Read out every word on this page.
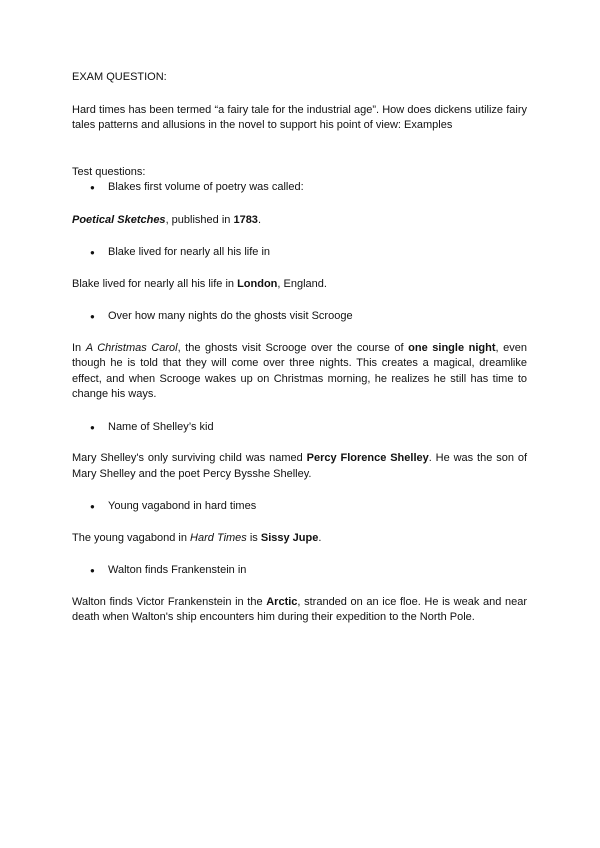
EXAM QUESTION:

Hard times has been termed “a fairy tale for the industrial age”. How does dickens utilize fairy tales patterns and allusions in the novel to support his point of view: Examples

Test questions:

● Blakes first volume of poetry was called:

Poetical Sketches, published in 1783.

● Blake lived for nearly all his life in

Blake lived for nearly all his life in London, England.

● Over how many nights do the ghosts visit Scrooge

In A Christmas Carol, the ghosts visit Scrooge over the course of one single night, even though he is told that they will come over three nights. This creates a magical, dreamlike effect, and when Scrooge wakes up on Christmas morning, he realizes he still has time to change his ways.

● Name of Shelley’s kid

Mary Shelley's only surviving child was named Percy Florence Shelley. He was the son of Mary Shelley and the poet Percy Bysshe Shelley.

● Young vagabond in hard times

The young vagabond in Hard Times is Sissy Jupe.

● Walton finds Frankenstein in

Walton finds Victor Frankenstein in the Arctic, stranded on an ice floe. He is weak and near death when Walton's ship encounters him during their expedition to the North Pole.
